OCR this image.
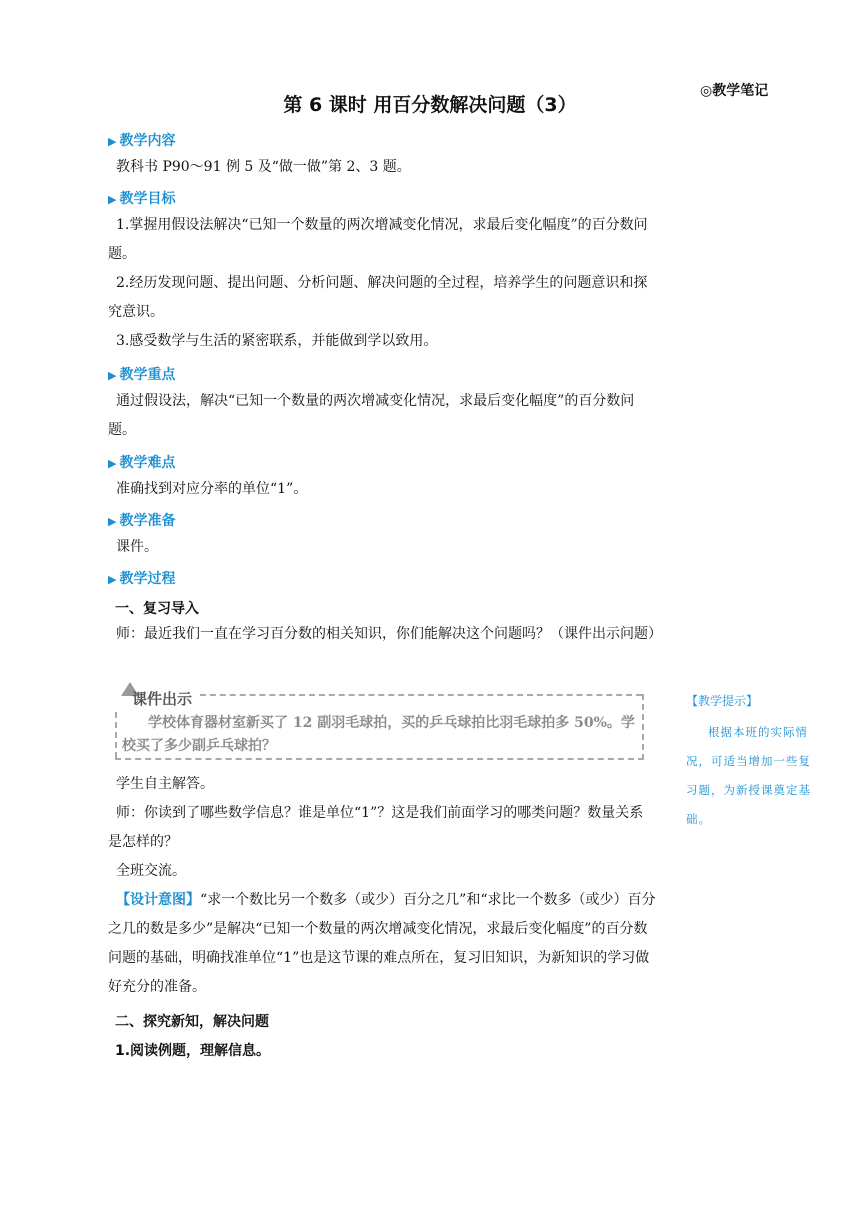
第 6 课时 用百分数解决问题（3）
◎教学笔记
▶ 教学内容
教科书 P90～91 例 5 及“做一做”第 2、3 题。
▶ 教学目标
1.掌握用假设法解决“已知一个数量的两次增减变化情况，求最后变化幅度”的百分数问题。
2.经历发现问题、提出问题、分析问题、解决问题的全过程，培养学生的问题意识和探究意识。
3.感受数学与生活的紧密联系，并能做到学以致用。
▶ 教学重点
通过假设法，解决“已知一个数量的两次增减变化情况，求最后变化幅度”的百分数问题。
▶ 教学难点
准确找到对应分率的单位“1”。
▶ 教学准备
课件。
▶ 教学过程
一、复习导入
师：最近我们一直在学习百分数的相关知识，你们能解决这个问题吗？（课件出示问题）
课件出示
学校体育器材室新买了 12 副羽毛球拍，买的乒乓球拍比羽毛球拍多 50%。学校买了多少副乒乓球拍？
学生自主解答。
师：你读到了哪些数学信息？谁是单位“1”？这是我们前面学习的哪类问题？数量关系是怎样的？
全班交流。
【设计意图】“求一个数比另一个数多（或少）百分之几”和“求比一个数多（或少）百分之几的数是多少”是解决“已知一个数量的两次增减变化情况，求最后变化幅度”的百分数问题的基础，明确找准单位“1”也是这节课的难点所在，复习旧知识，为新知识的学习做好充分的准备。
二、探究新知，解决问题
1.阅读例题，理解信息。
【教学提示】
根据本班的实际情况，可适当增加一些复习题，为新授课奠定基础。
